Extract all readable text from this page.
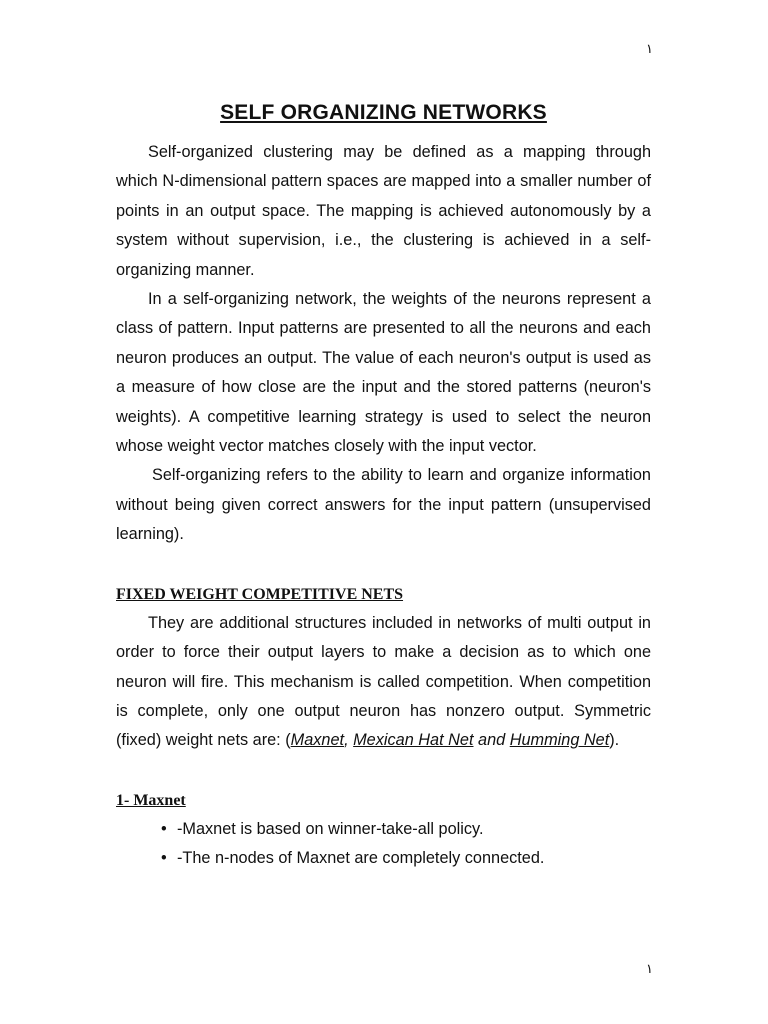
١
SELF ORGANIZING NETWORKS

Self-organized clustering may be defined as a mapping through which N-dimensional pattern spaces are mapped into a smaller number of points in an output space. The mapping is achieved autonomously by a system without supervision, i.e., the clustering is achieved in a self-organizing manner.

In a self-organizing network, the weights of the neurons represent a class of pattern. Input patterns are presented to all the neurons and each neuron produces an output. The value of each neuron's output is used as a measure of how close are the input and the stored patterns (neuron's weights). A competitive learning strategy is used to select the neuron whose weight vector matches closely with the input vector.

Self-organizing refers to the ability to learn and organize information without being given correct answers for the input pattern (unsupervised learning).

FIXED WEIGHT COMPETITIVE NETS

They are additional structures included in networks of multi output in order to force their output layers to make a decision as to which one neuron will fire. This mechanism is called competition. When competition is complete, only one output neuron has nonzero output. Symmetric (fixed) weight nets are: (Maxnet, Mexican Hat Net and Humming Net).

1- Maxnet
• -Maxnet is based on winner-take-all policy.
• -The n-nodes of Maxnet are completely connected.
١
